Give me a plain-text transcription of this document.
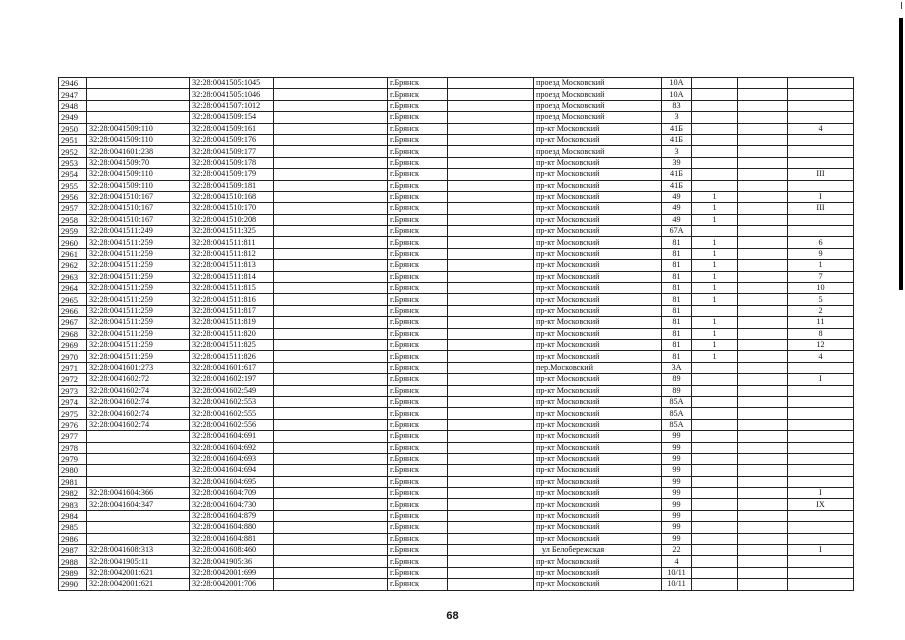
2946		32:28:0041505:1045		г.Брянск		проезд Московский	10А			
2947		32:28:0041505:1046		г.Брянск		проезд Московский	10А			
2948		32:28:0041507:1012		г.Брянск		проезд Московский	83			
2949		32:28:0041509:154		г.Брянск		проезд Московский	3			
2950	32:28:0041509:110	32:28:0041509:161		г.Брянск		пр-кт Московский	41Б			4
2951	32:28:0041509:110	32:28:0041509:176		г.Брянск		пр-кт Московский	41Б			
2952	32:28:0041601:238	32:28:0041509:177		г.Брянск		проезд Московский	3			
2953	32:28:0041509:70	32:28:0041509:178		г.Брянск		пр-кт Московский	39			
2954	32:28:0041509:110	32:28:0041509:179		г.Брянск		пр-кт Московский	41Б			III
2955	32:28:0041509:110	32:28:0041509:181		г.Брянск		пр-кт Московский	41Б			
2956	32:28:0041510:167	32:28:0041510:168		г.Брянск		пр-кт Московский	49	1		I
2957	32:28:0041510:167	32:28:0041510:170		г.Брянск		пр-кт Московский	49	1		III
2958	32:28:0041510:167	32:28:0041510:208		г.Брянск		пр-кт Московский	49	1		
2959	32:28:0041511:249	32:28:0041511:325		г.Брянск		пр-кт Московский	67А			
2960	32:28:0041511:259	32:28:0041511:811		г.Брянск		пр-кт Московский	81	1		6
2961	32:28:0041511:259	32:28:0041511:812		г.Брянск		пр-кт Московский	81	1		9
2962	32:28:0041511:259	32:28:0041511:813		г.Брянск		пр-кт Московский	81	1		1
2963	32:28:0041511:259	32:28:0041511:814		г.Брянск		пр-кт Московский	81	1		7
2964	32:28:0041511:259	32:28:0041511:815		г.Брянск		пр-кт Московский	81	1		10
2965	32:28:0041511:259	32:28:0041511:816		г.Брянск		пр-кт Московский	81	1		5
2966	32:28:0041511:259	32:28:0041511:817		г.Брянск		пр-кт Московский	81			2
2967	32:28:0041511:259	32:28:0041511:819		г.Брянск		пр-кт Московский	81	1		11
2968	32:28:0041511:259	32:28:0041511:820		г.Брянск		пр-кт Московский	81	1		8
2969	32:28:0041511:259	32:28:0041511:825		г.Брянск		пр-кт Московский	81	1		12
2970	32:28:0041511:259	32:28:0041511:826		г.Брянск		пр-кт Московский	81	1		4
2971	32:28:0041601:273	32:28:0041601:617		г.Брянск		пер.Московский	3А			
2972	32:28:0041602:72	32:28:0041602:197		г.Брянск		пр-кт Московский	89			I
2973	32:28:0041602:74	32:28:0041602:549		г.Брянск		пр-кт Московский	89			
2974	32:28:0041602:74	32:28:0041602:553		г.Брянск		пр-кт Московский	85А			
2975	32:28:0041602:74	32:28:0041602:555		г.Брянск		пр-кт Московский	85А			
2976	32:28:0041602:74	32:28:0041602:556		г.Брянск		пр-кт Московский	85А			
2977		32:28:0041604:691		г.Брянск		пр-кт Московский	99			
2978		32:28:0041604:692		г.Брянск		пр-кт Московский	99			
2979		32:28:0041604:693		г.Брянск		пр-кт Московский	99			
2980		32:28:0041604:694		г.Брянск		пр-кт Московский	99			
2981		32:28:0041604:695		г.Брянск		пр-кт Московский	99			
2982	32:28:0041604:366	32:28:0041604:709		г.Брянск		пр-кт Московский	99			I
2983	32:28:0041604:347	32:28:0041604:730		г.Брянск		пр-кт Московский	99			IX
2984		32:28:0041604:879		г.Брянск		пр-кт Московский	99			
2985		32:28:0041604:880		г.Брянск		пр-кт Московский	99			
2986		32:28:0041604:881		г.Брянск		пр-кт Московский	99			
2987	32:28:0041608:313	32:28:0041608:460		г.Брянск		ул Белобережская	22			I
2988	32:28:0041905:11	32:28:0041905:36		г.Брянск		пр-кт Московский	4			
2989	32:28:0042001:621	32:28:0042001:699		г.Брянск		пр-кт Московский	10/11			
2990	32:28:0042001:621	32:28:0042001:706		г.Брянск		пр-кт Московский	10/11			
68
